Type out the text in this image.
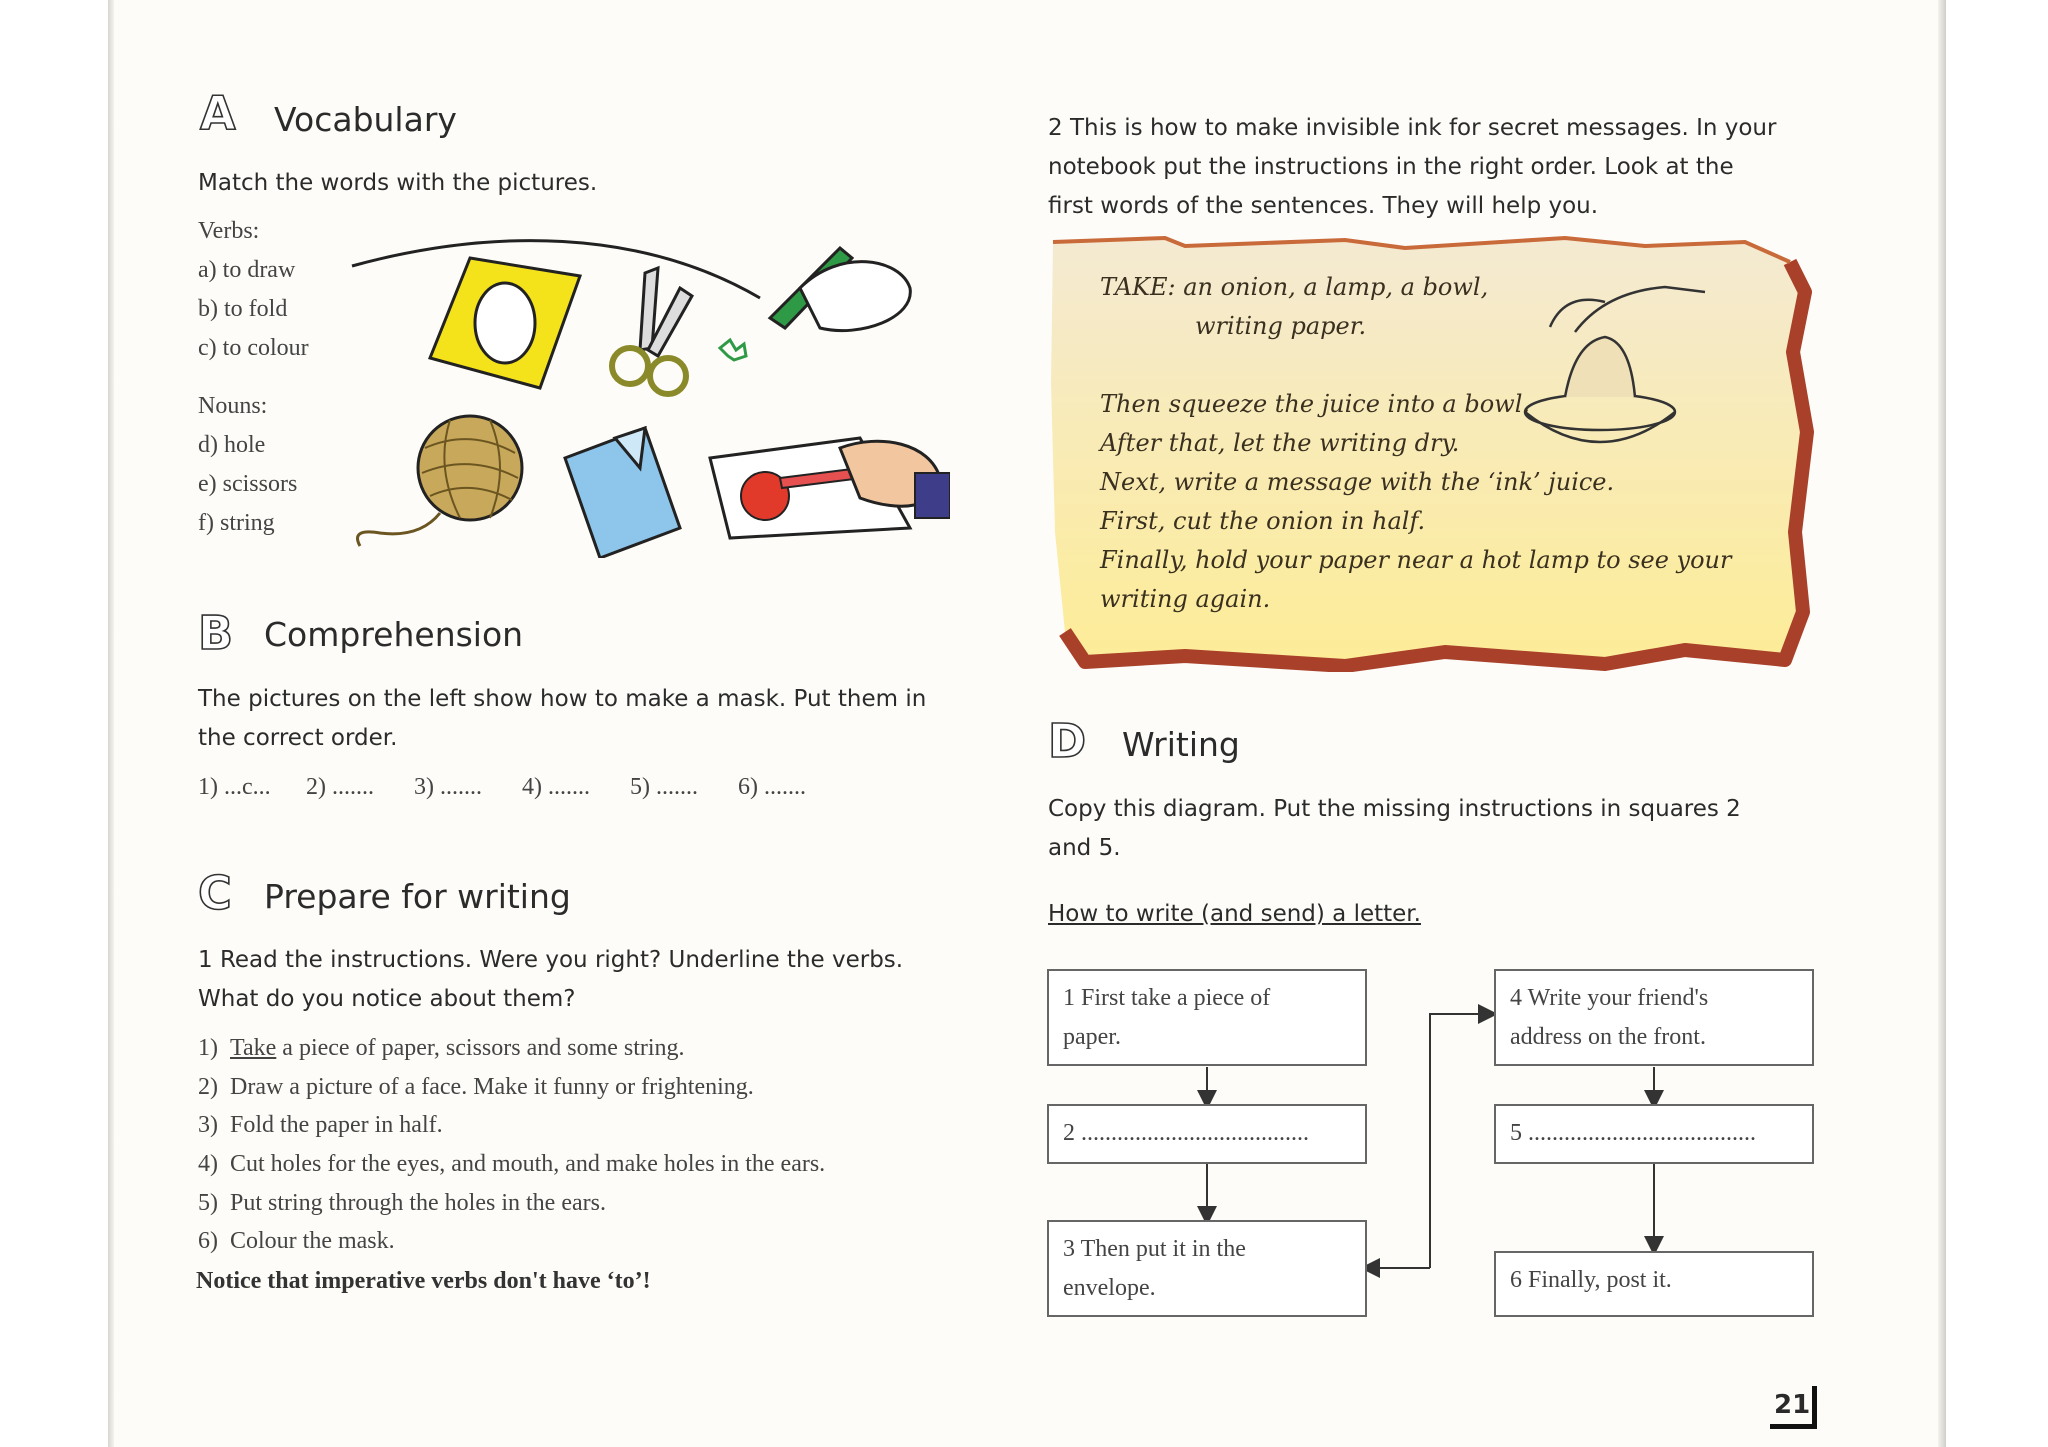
A Vocabulary
Match the words with the pictures.
Verbs:
a) to draw
b) to fold
c) to colour
Nouns:
d) hole
e) scissors
f) string
B Comprehension
The pictures on the left show how to make a mask. Put them in
the correct order.
1) ...c... 2) ....... 3) ....... 4) ....... 5) ....... 6) .......
C Prepare for writing
1 Read the instructions. Were you right? Underline the verbs.
What do you notice about them?
1) Take a piece of paper, scissors and some string.
2) Draw a picture of a face. Make it funny or frightening.
3) Fold the paper in half.
4) Cut holes for the eyes, and mouth, and make holes in the ears.
5) Put string through the holes in the ears.
6) Colour the mask.
Notice that imperative verbs don't have ‘to’!
2 This is how to make invisible ink for secret messages. In your
notebook put the instructions in the right order. Look at the
first words of the sentences. They will help you.
TAKE: an onion, a lamp, a bowl,
writing paper.
Then squeeze the juice into a bowl.
After that, let the writing dry.
Next, write a message with the ‘ink’ juice.
First, cut the onion in half.
Finally, hold your paper near a hot lamp to see your
writing again.
D Writing
Copy this diagram. Put the missing instructions in squares 2
and 5.
How to write (and send) a letter.
1 First take a piece of
paper.
2 ......................................
3 Then put it in the
envelope.
4 Write your friend's
address on the front.
5 ......................................
6 Finally, post it.
21
